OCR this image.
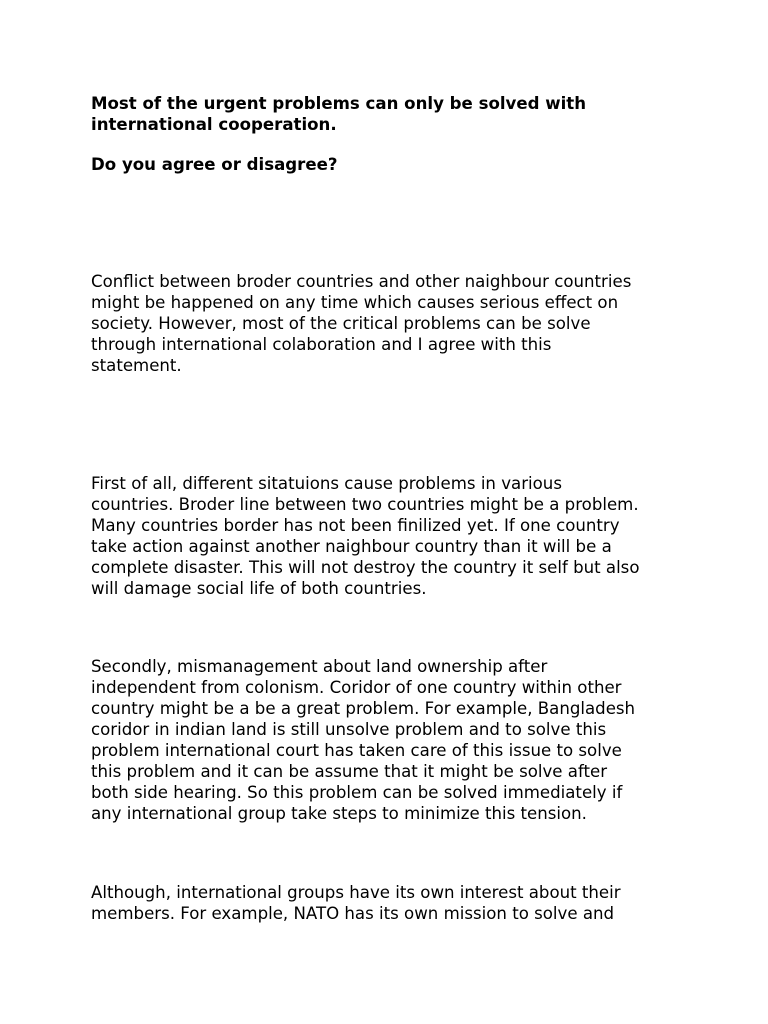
Most of the urgent problems can only be solved with
international cooperation.
Do you agree or disagree?
Conflict between broder countries and other naighbour countries
might be happened on any time which causes serious effect on
society. However, most of the critical problems can be solve
through international colaboration and I agree with this
statement.
First of all, different sitatuions cause problems in various
countries. Broder line between two countries might be a problem.
Many countries border has not been finilized yet. If one country
take action against another naighbour country than it will be a
complete disaster. This will not destroy the country it self but also
will damage social life of both countries.
Secondly, mismanagement about land ownership after
independent from colonism. Coridor of one country within other
country might be a be a great problem. For example, Bangladesh
coridor in indian land is still unsolve problem and to solve this
problem international court has taken care of this issue to solve
this problem and it can be assume that it might be solve after
both side hearing. So this problem can be solved immediately if
any international group take steps to minimize this tension.
Although, international groups have its own interest about their
members. For example, NATO has its own mission to solve and
